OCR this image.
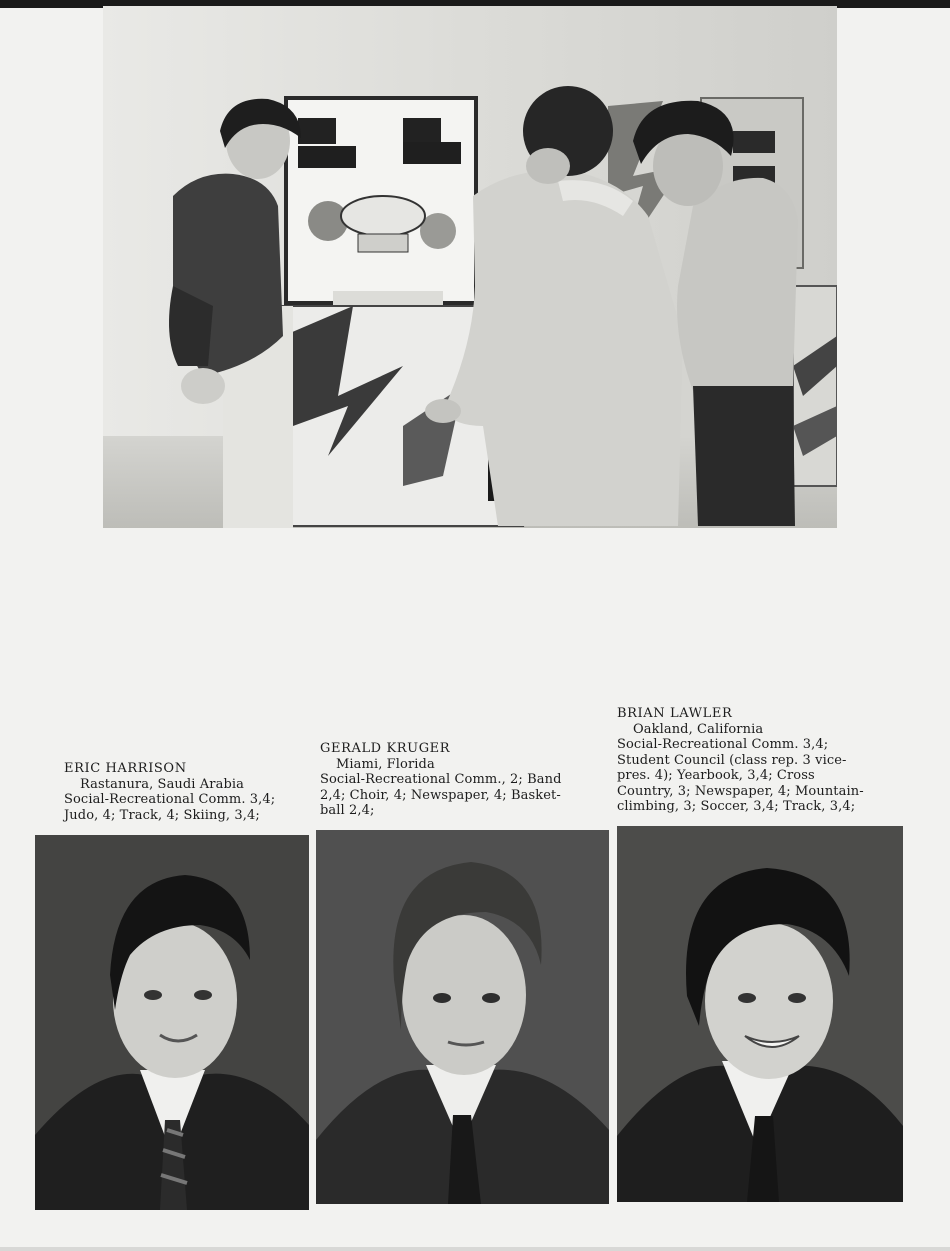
ERIC HARRISON
Rastanura, Saudi Arabia
Social-Recreational Comm. 3,4;
Judo, 4; Track, 4; Skiing, 3,4;
GERALD KRUGER
Miami, Florida
Social-Recreational Comm., 2; Band
2,4; Choir, 4; Newspaper, 4; Basket-
ball 2,4;
BRIAN LAWLER
Oakland, California
Social-Recreational Comm. 3,4;
Student Council (class rep. 3 vice-
pres. 4); Yearbook, 3,4; Cross
Country, 3; Newspaper, 4; Mountain-
climbing, 3; Soccer, 3,4; Track, 3,4;
